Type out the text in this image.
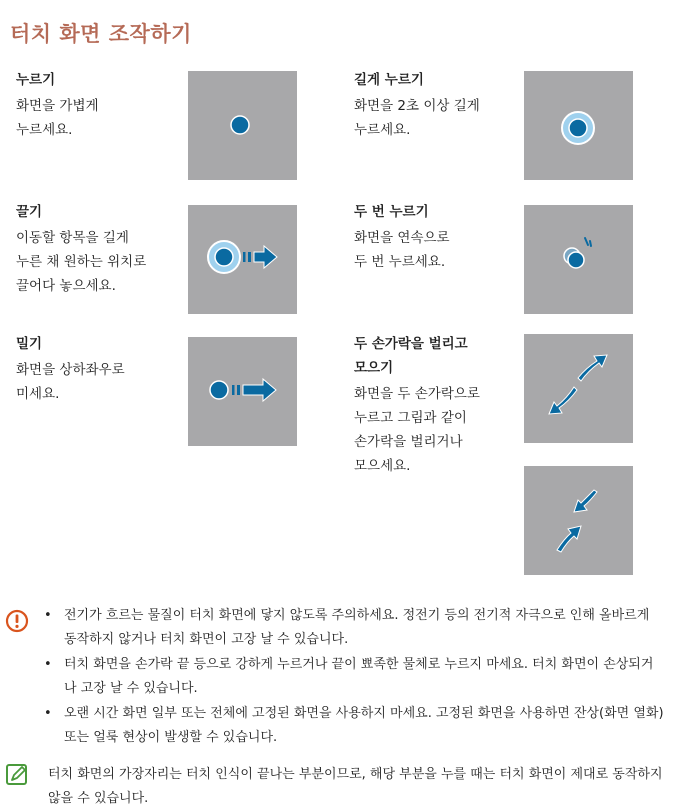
터치 화면 조작하기
누르기
화면을 가볍게
누르세요.
길게 누르기
화면을 2초 이상 길게
누르세요.
끌기
이동할 항목을 길게
누른 채 원하는 위치로
끌어다 놓으세요.
두 번 누르기
화면을 연속으로
두 번 누르세요.
밀기
화면을 상하좌우로
미세요.
두 손가락을 벌리고
모으기
화면을 두 손가락으로
누르고 그림과 같이
손가락을 벌리거나
모으세요.
• 전기가 흐르는 물질이 터치 화면에 닿지 않도록 주의하세요. 정전기 등의 전기적 자극으로 인해 올바르게 동작하지 않거나 터치 화면이 고장 날 수 있습니다.
• 터치 화면을 손가락 끝 등으로 강하게 누르거나 끝이 뾰족한 물체로 누르지 마세요. 터치 화면이 손상되거나 고장 날 수 있습니다.
• 오랜 시간 화면 일부 또는 전체에 고정된 화면을 사용하지 마세요. 고정된 화면을 사용하면 잔상(화면 열화) 또는 얼룩 현상이 발생할 수 있습니다.
터치 화면의 가장자리는 터치 인식이 끝나는 부분이므로, 해당 부분을 누를 때는 터치 화면이 제대로 동작하지 않을 수 있습니다.
